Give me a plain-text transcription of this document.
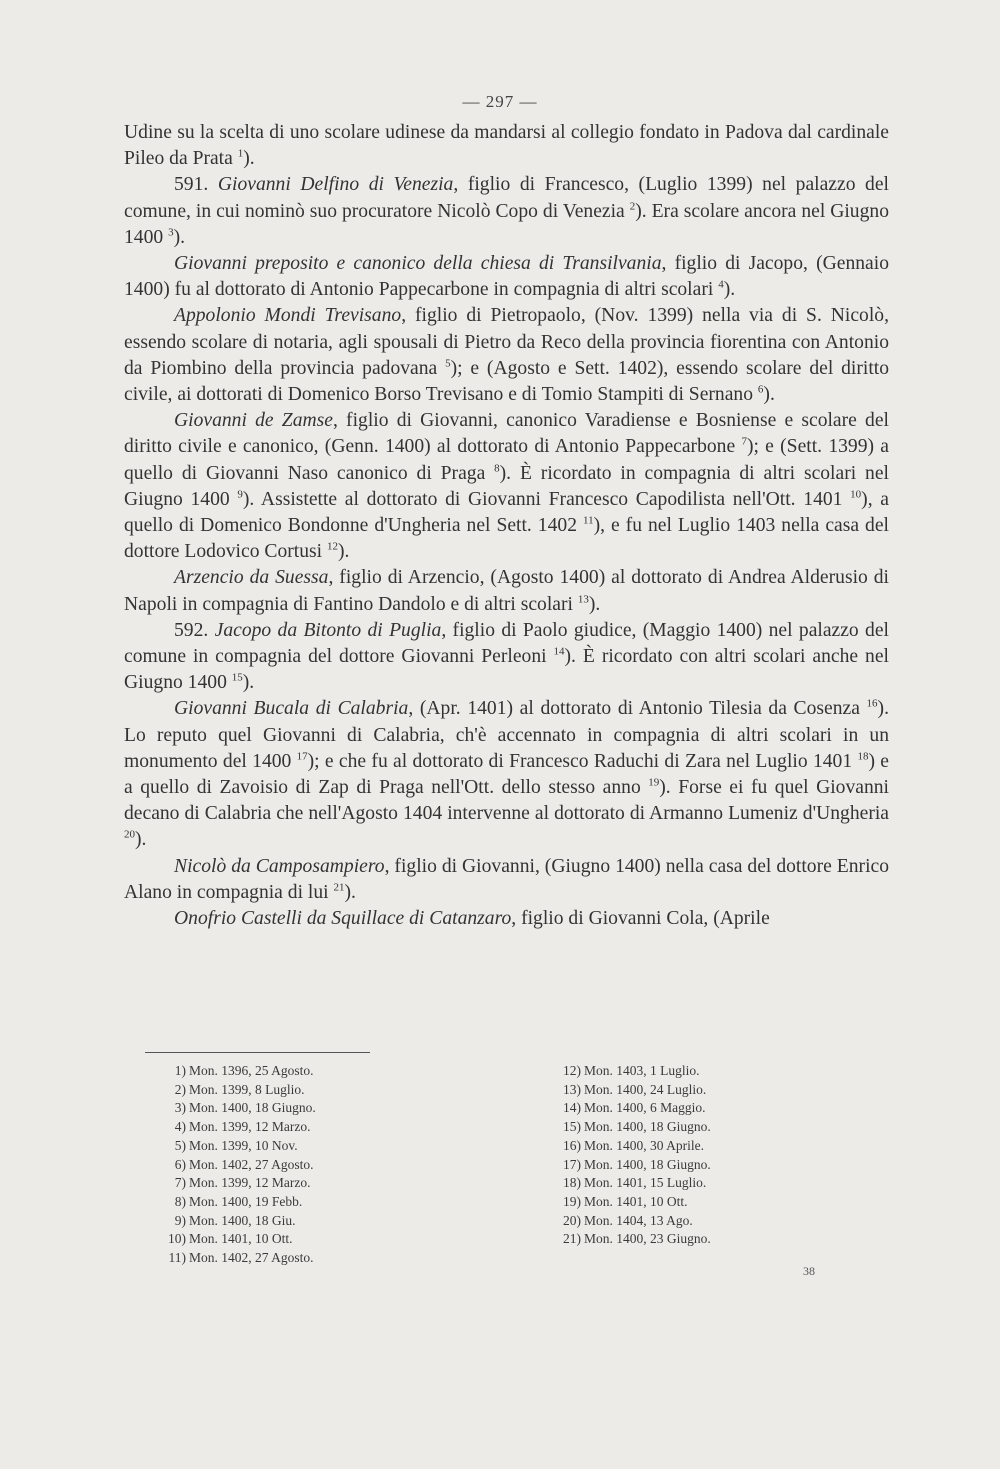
— 297 —

Udine su la scelta di uno scolare udinese da mandarsi al collegio fondato in Padova dal cardinale Pileo da Prata $^1$).

591. Giovanni Delfino di Venezia, figlio di Francesco, (Luglio 1399) nel palazzo del comune, in cui nominò suo procuratore Nicolò Copo di Venezia $^2$). Era scolare ancora nel Giugno 1400 $^3$).

Giovanni preposito e canonico della chiesa di Transilvania, figlio di Jacopo, (Gennaio 1400) fu al dottorato di Antonio Pappecarbone in compagnia di altri scolari $^4$).

Appolonio Mondi Trevisano, figlio di Pietropaolo, (Nov. 1399) nella via di S. Nicolò, essendo scolare di notaria, agli spousali di Pietro da Reco della provincia fiorentina con Antonio da Piombino della provincia padovana $^5$); e (Agosto e Sett. 1402), essendo scolare del diritto civile, ai dottorati di Domenico Borso Trevisano e di Tomio Stampiti di Sernano $^6$).

Giovanni de Zamse, figlio di Giovanni, canonico Varadiense e Bosniense e scolare del diritto civile e canonico, (Genn. 1400) al dottorato di Antonio Pappecarbone $^7$); e (Sett. 1399) a quello di Giovanni Naso canonico di Praga $^8$). È ricordato in compagnia di altri scolari nel Giugno 1400 $^9$). Assistette al dottorato di Giovanni Francesco Capodilista nell'Ott. 1401 $^{10}$), a quello di Domenico Bondonne d'Ungheria nel Sett. 1402 $^{11}$), e fu nel Luglio 1403 nella casa del dottore Lodovico Cortusi $^{12}$).

Arzencio da Suessa, figlio di Arzencio, (Agosto 1400) al dottorato di Andrea Alderusio di Napoli in compagnia di Fantino Dandolo e di altri scolari $^{13}$).

592. Jacopo da Bitonto di Puglia, figlio di Paolo giudice, (Maggio 1400) nel palazzo del comune in compagnia del dottore Giovanni Perleoni $^{14}$). È ricordato con altri scolari anche nel Giugno 1400 $^{15}$).

Giovanni Bucala di Calabria, (Apr. 1401) al dottorato di Antonio Tilesia da Cosenza $^{16}$). Lo reputo quel Giovanni di Calabria, ch'è accennato in compagnia di altri scolari in un monumento del 1400 $^{17}$); e che fu al dottorato di Francesco Raduchi di Zara nel Luglio 1401 $^{18}$) e a quello di Zavoisio di Zap di Praga nell'Ott. dello stesso anno $^{19}$). Forse ei fu quel Giovanni decano di Calabria che nell'Agosto 1404 intervenne al dottorato di Armanno Lumeniz d'Ungheria $^{20}$).

Nicolò da Camposampiero, figlio di Giovanni, (Giugno 1400) nella casa del dottore Enrico Alano in compagnia di lui $^{21}$).

Onofrio Castelli da Squillace di Catanzaro, figlio di Giovanni Cola, (Aprile

1) Mon. 1396, 25 Agosto.
2) Mon. 1399, 8 Luglio.
3) Mon. 1400, 18 Giugno.
4) Mon. 1399, 12 Marzo.
5) Mon. 1399, 10 Nov.
6) Mon. 1402, 27 Agosto.
7) Mon. 1399, 12 Marzo.
8) Mon. 1400, 19 Febb.
9) Mon. 1400, 18 Giu.
10) Mon. 1401, 10 Ott.
11) Mon. 1402, 27 Agosto.
12) Mon. 1403, 1 Luglio.
13) Mon. 1400, 24 Luglio.
14) Mon. 1400, 6 Maggio.
15) Mon. 1400, 18 Giugno.
16) Mon. 1400, 30 Aprile.
17) Mon. 1400, 18 Giugno.
18) Mon. 1401, 15 Luglio.
19) Mon. 1401, 10 Ott.
20) Mon. 1404, 13 Ago.
21) Mon. 1400, 23 Giugno.
38
